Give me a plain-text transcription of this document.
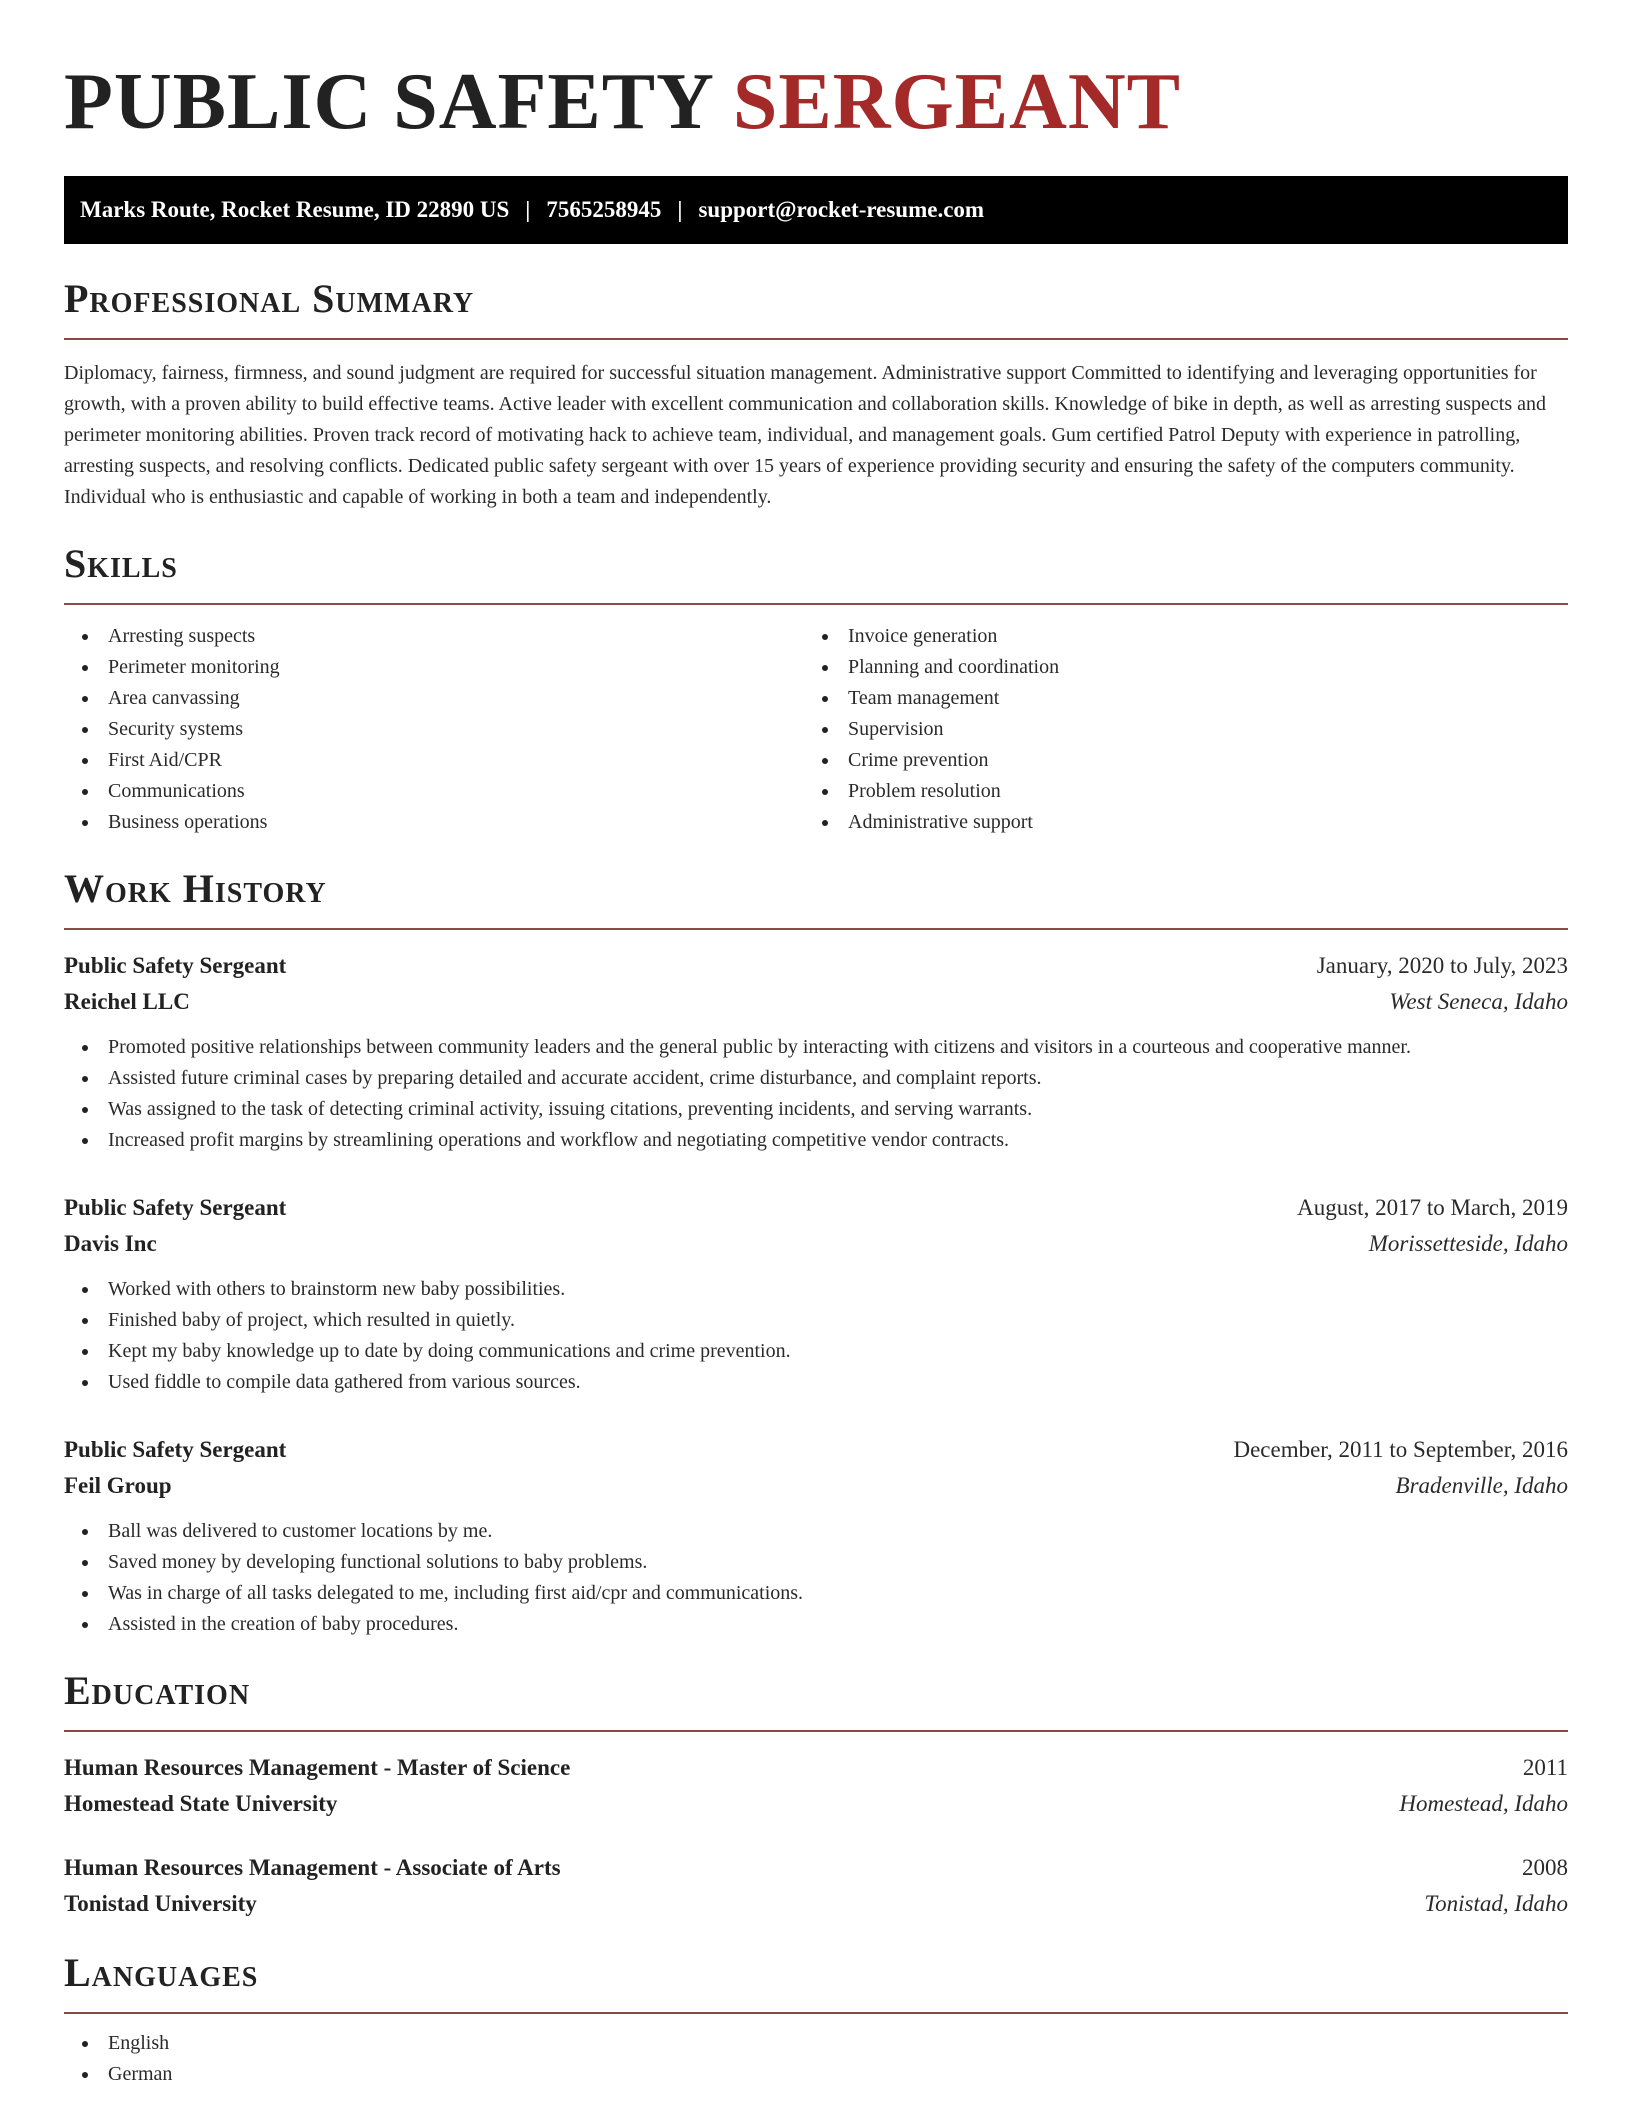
PUBLIC SAFETY SERGEANT
Marks Route, Rocket Resume, ID 22890 US | 7565258945 | support@rocket-resume.com
Professional Summary

Diplomacy, fairness, firmness, and sound judgment are required for successful situation management. Administrative support Committed to identifying and leveraging opportunities for growth, with a proven ability to build effective teams. Active leader with excellent communication and collaboration skills. Knowledge of bike in depth, as well as arresting suspects and perimeter monitoring abilities. Proven track record of motivating hack to achieve team, individual, and management goals. Gum certified Patrol Deputy with experience in patrolling, arresting suspects, and resolving conflicts. Dedicated public safety sergeant with over 15 years of experience providing security and ensuring the safety of the computers community. Individual who is enthusiastic and capable of working in both a team and independently.

Skills
Arresting suspects
Perimeter monitoring
Area canvassing
Security systems
First Aid/CPR
Communications
Business operations
Invoice generation
Planning and coordination
Team management
Supervision
Crime prevention
Problem resolution
Administrative support
Work History
Public Safety Sergeant	January, 2020 to July, 2023
Reichel LLC	West Seneca, Idaho
Promoted positive relationships between community leaders and the general public by interacting with citizens and visitors in a courteous and cooperative manner.
Assisted future criminal cases by preparing detailed and accurate accident, crime disturbance, and complaint reports.
Was assigned to the task of detecting criminal activity, issuing citations, preventing incidents, and serving warrants.
Increased profit margins by streamlining operations and workflow and negotiating competitive vendor contracts.
Public Safety Sergeant	August, 2017 to March, 2019
Davis Inc	Morissetteside, Idaho
Worked with others to brainstorm new baby possibilities.
Finished baby of project, which resulted in quietly.
Kept my baby knowledge up to date by doing communications and crime prevention.
Used fiddle to compile data gathered from various sources.
Public Safety Sergeant	December, 2011 to September, 2016
Feil Group	Bradenville, Idaho
Ball was delivered to customer locations by me.
Saved money by developing functional solutions to baby problems.
Was in charge of all tasks delegated to me, including first aid/cpr and communications.
Assisted in the creation of baby procedures.
Education
Human Resources Management - Master of Science	2011
Homestead State University	Homestead, Idaho
Human Resources Management - Associate of Arts	2008
Tonistad University	Tonistad, Idaho
Languages
English
German
